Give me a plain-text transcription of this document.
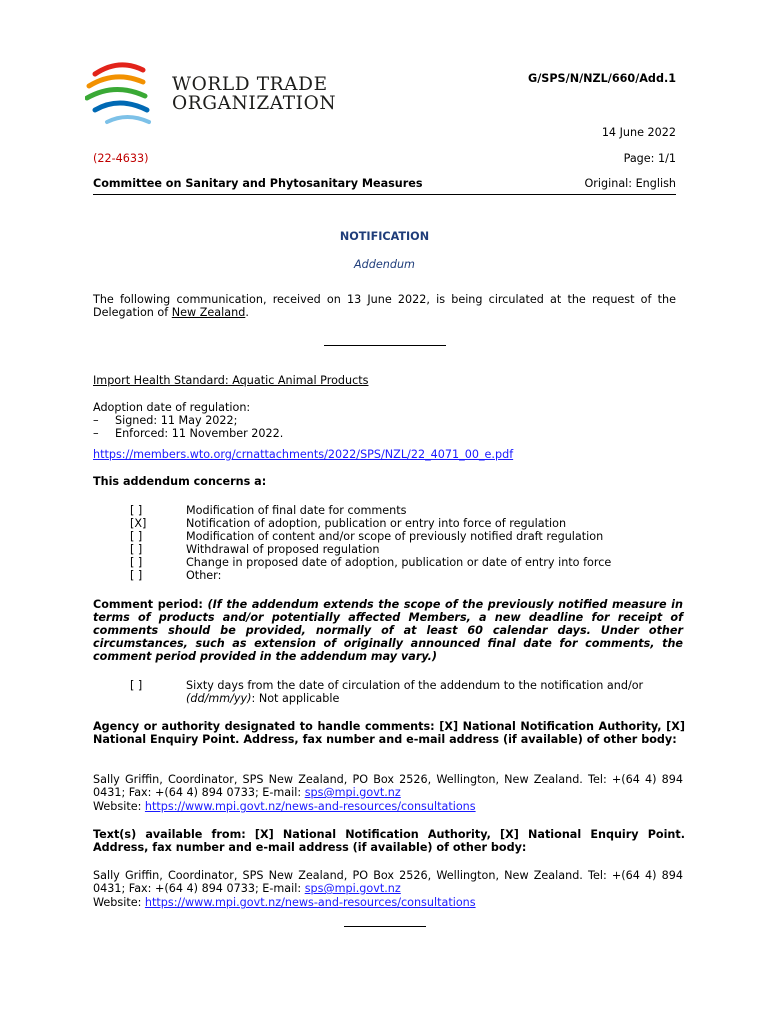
WORLD TRADE
ORGANIZATION
G/SPS/N/NZL/660/Add.1
14 June 2022
(22-4633)	Page: 1/1
Committee on Sanitary and Phytosanitary Measures	Original: English
NOTIFICATION
Addendum
The following communication, received on 13 June 2022, is being circulated at the request of the Delegation of New Zealand.
Import Health Standard: Aquatic Animal Products
Adoption date of regulation:
– Signed: 11 May 2022;
– Enforced: 11 November 2022.
https://members.wto.org/crnattachments/2022/SPS/NZL/22_4071_00_e.pdf
This addendum concerns a:
[ ]	Modification of final date for comments
[X]	Notification of adoption, publication or entry into force of regulation
[ ]	Modification of content and/or scope of previously notified draft regulation
[ ]	Withdrawal of proposed regulation
[ ]	Change in proposed date of adoption, publication or date of entry into force
[ ]	Other:
Comment period: (If the addendum extends the scope of the previously notified measure in terms of products and/or potentially affected Members, a new deadline for receipt of comments should be provided, normally of at least 60 calendar days. Under other circumstances, such as extension of originally announced final date for comments, the comment period provided in the addendum may vary.)
[ ]	Sixty days from the date of circulation of the addendum to the notification and/or (dd/mm/yy): Not applicable
Agency or authority designated to handle comments: [X] National Notification Authority, [X] National Enquiry Point. Address, fax number and e-mail address (if available) of other body:
Sally Griffin, Coordinator, SPS New Zealand, PO Box 2526, Wellington, New Zealand. Tel: +(64 4) 894 0431; Fax: +(64 4) 894 0733; E-mail: sps@mpi.govt.nz
Website: https://www.mpi.govt.nz/news-and-resources/consultations
Text(s) available from: [X] National Notification Authority, [X] National Enquiry Point. Address, fax number and e-mail address (if available) of other body:
Sally Griffin, Coordinator, SPS New Zealand, PO Box 2526, Wellington, New Zealand. Tel: +(64 4) 894 0431; Fax: +(64 4) 894 0733; E-mail: sps@mpi.govt.nz
Website: https://www.mpi.govt.nz/news-and-resources/consultations
